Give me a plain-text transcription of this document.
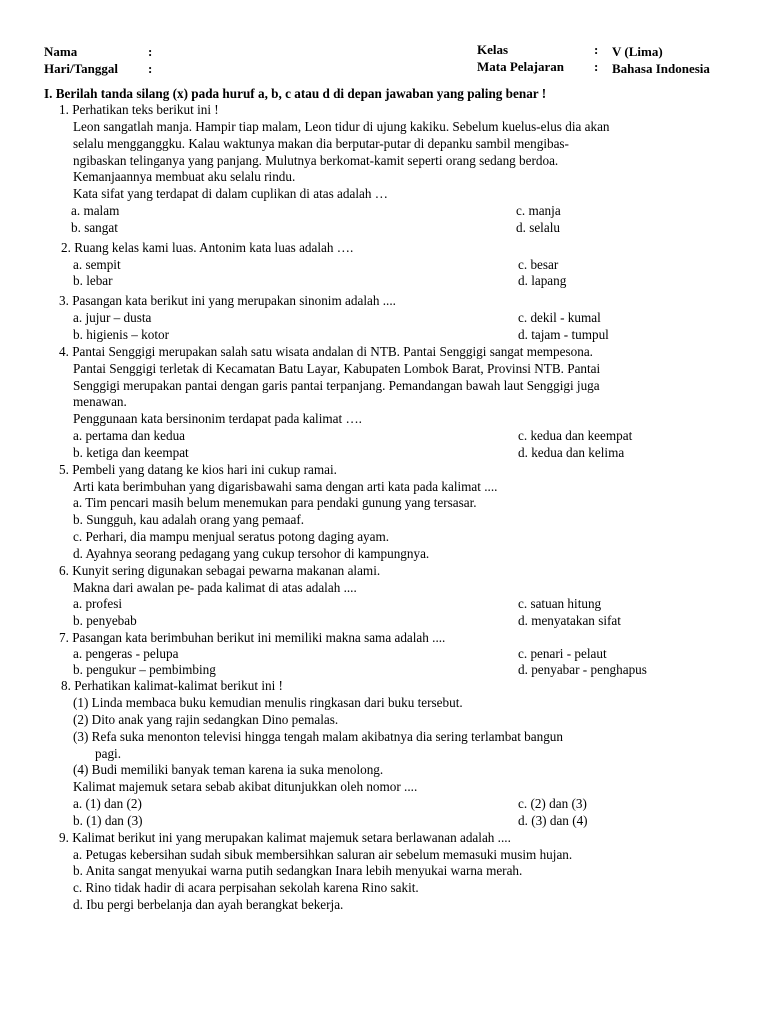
Nama	:
Hari/Tanggal :
Kelas	: V (Lima)
Mata Pelajaran : Bahasa Indonesia
I. Berilah tanda silang (x) pada huruf a, b, c atau d di depan jawaban yang paling benar !
1. Perhatikan teks berikut ini !
Leon sangatlah manja. Hampir tiap malam, Leon tidur di ujung kakiku. Sebelum kuelus-elus dia akan
selalu mengganggku. Kalau waktunya makan dia berputar-putar di depanku sambil mengibas-
ngibaskan telinganya yang panjang. Mulutnya berkomat-kamit seperti orang sedang berdoa.
Kemanjaannya membuat aku selalu rindu.
Kata sifat yang terdapat di dalam cuplikan di atas adalah …
a. malam	c. manja
b. sangat	d. selalu
2. Ruang kelas kami luas. Antonim kata luas adalah ….
a. sempit	c. besar
b. lebar	d. lapang
3. Pasangan kata berikut ini yang merupakan sinonim adalah ....
a. jujur – dusta	c. dekil - kumal
b. higienis – kotor	d. tajam - tumpul
4. Pantai Senggigi merupakan salah satu wisata andalan di NTB. Pantai Senggigi sangat mempesona.
Pantai Senggigi terletak di Kecamatan Batu Layar, Kabupaten Lombok Barat, Provinsi NTB. Pantai
Senggigi merupakan pantai dengan garis pantai terpanjang. Pemandangan bawah laut Senggigi juga
menawan.
Penggunaan kata bersinonim terdapat pada kalimat ….
a. pertama dan kedua	c. kedua dan keempat
b. ketiga dan keempat	d. kedua dan kelima
5. Pembeli yang datang ke kios hari ini cukup ramai.
Arti kata berimbuhan yang digarisbawahi sama dengan arti kata pada kalimat ....
a. Tim pencari masih belum menemukan para pendaki gunung yang tersasar.
b. Sungguh, kau adalah orang yang pemaaf.
c. Perhari, dia mampu menjual seratus potong daging ayam.
d. Ayahnya seorang pedagang yang cukup tersohor di kampungnya.
6. Kunyit sering digunakan sebagai pewarna makanan alami.
Makna dari awalan pe- pada kalimat di atas adalah ....
a. profesi	c. satuan hitung
b. penyebab	d. menyatakan sifat
7. Pasangan kata berimbuhan berikut ini memiliki makna sama adalah ....
a. pengeras - pelupa	c. penari - pelaut
b. pengukur – pembimbing	d. penyabar - penghapus
8. Perhatikan kalimat-kalimat berikut ini !
(1) Linda membaca buku kemudian menulis ringkasan dari buku tersebut.
(2) Dito anak yang rajin sedangkan Dino pemalas.
(3) Refa suka menonton televisi hingga tengah malam akibatnya dia sering terlambat bangun
pagi.
(4) Budi memiliki banyak teman karena ia suka menolong.
Kalimat majemuk setara sebab akibat ditunjukkan oleh nomor ....
a. (1) dan (2)	c. (2) dan (3)
b. (1) dan (3)	d. (3) dan (4)
9. Kalimat berikut ini yang merupakan kalimat majemuk setara berlawanan adalah ....
a. Petugas kebersihan sudah sibuk membersihkan saluran air sebelum memasuki musim hujan.
b. Anita sangat menyukai warna putih sedangkan Inara lebih menyukai warna merah.
c. Rino tidak hadir di acara perpisahan sekolah karena Rino sakit.
d. Ibu pergi berbelanja dan ayah berangkat bekerja.
